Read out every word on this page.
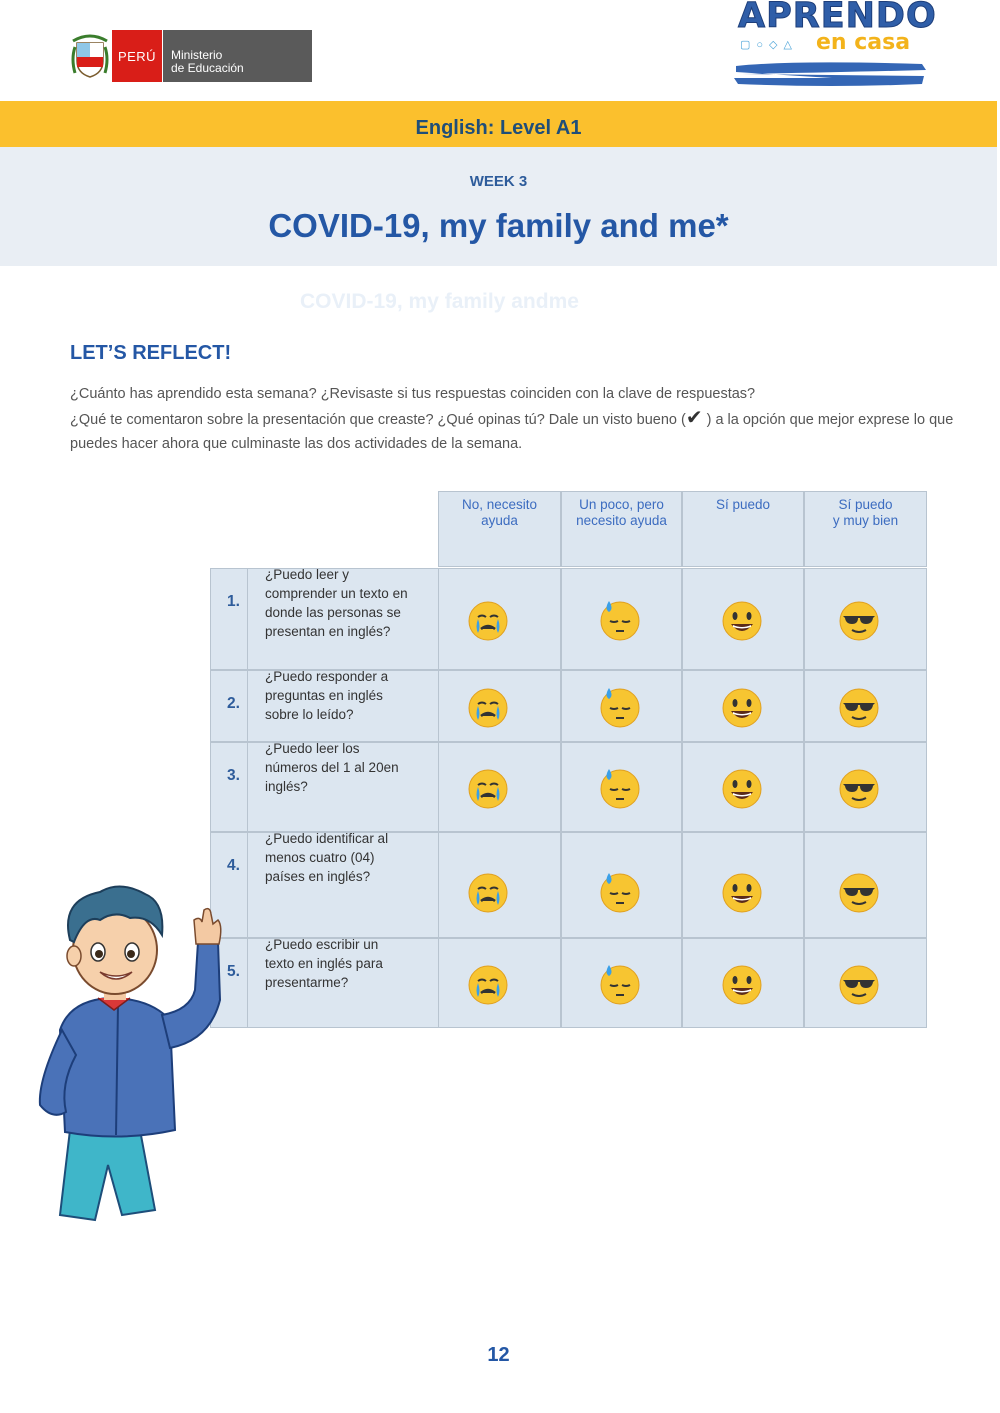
PERÚ	Ministerio
de Educación
APRENDO
▢○◇△ en casa
English: Level A1
WEEK 3
COVID-19, my family and me*
COVID-19, my family andme
LET’S REFLECT!

¿Cuánto has aprendido esta semana? ¿Revisaste si tus respuestas coinciden con la clave de respuestas?

¿Qué te comentaron sobre la presentación que creaste? ¿Qué opinas tú? Dale un visto bueno (✔ ) a la opción que mejor exprese lo que puedes hacer ahora que culminaste las dos actividades de la semana.

No, necesito
ayuda
Un poco, pero
necesito ayuda
Sí puedo	Sí puedo
y muy bien
1.
¿Puedo leer y
comprender un texto en
donde las personas se
presentan en inglés?
2.
¿Puedo responder a
preguntas en inglés
sobre lo leído?
3.
¿Puedo leer los
números del 1 al 20en
inglés?
4.
¿Puedo identificar al
menos cuatro (04)
países en inglés?
5.
¿Puedo escribir un
texto en inglés para
presentarme?
12
